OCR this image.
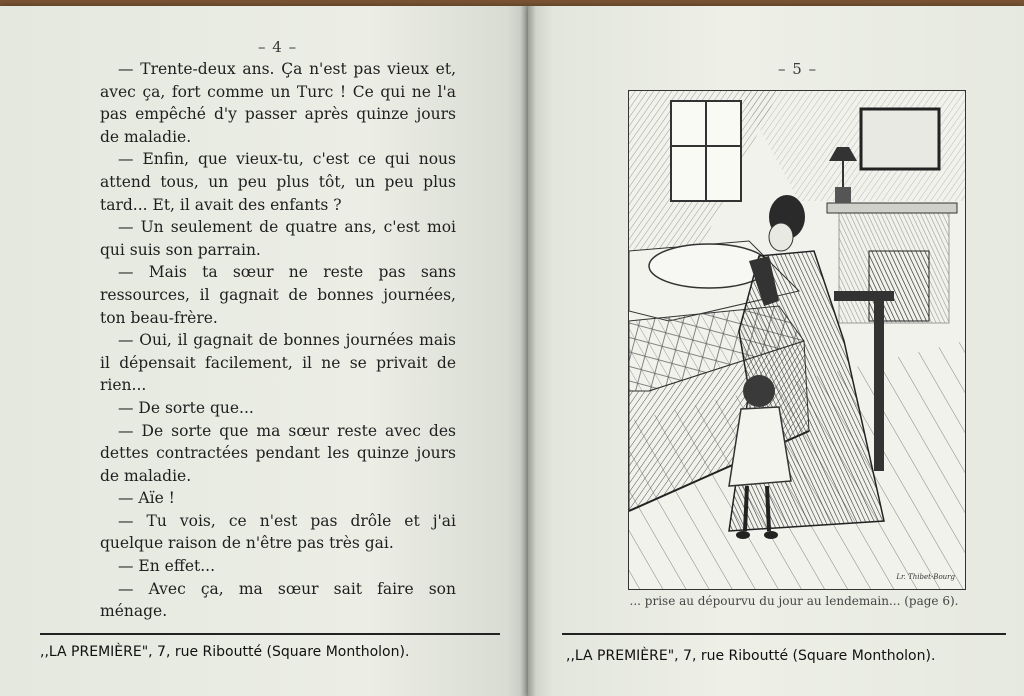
– 4 –

— Trente-deux ans. Ça n'est pas vieux et, avec ça, fort comme un Turc ! Ce qui ne l'a pas empêché d'y passer après quinze jours de maladie.

— Enfin, que vieux-tu, c'est ce qui nous attend tous, un peu plus tôt, un peu plus tard... Et, il avait des enfants ?

— Un seulement de quatre ans, c'est moi qui suis son parrain.

— Mais ta sœur ne reste pas sans ressources, il gagnait de bonnes journées, ton beau-frère.

— Oui, il gagnait de bonnes journées mais il dépensait facilement, il ne se privait de rien...

— De sorte que...

— De sorte que ma sœur reste avec des dettes contractées pendant les quinze jours de maladie.

— Aïe !

— Tu vois, ce n'est pas drôle et j'ai quelque raison de n'être pas très gai.

— En effet...

— Avec ça, ma sœur sait faire son ménage.

,,LA PREMIÈRE", 7, rue Riboutté (Square Montholon).
– 5 –
Lr. Thibet-Bourg
... prise au dépourvu du jour au lendemain... (page 6).
,,LA PREMIÈRE", 7, rue Riboutté (Square Montholon).
